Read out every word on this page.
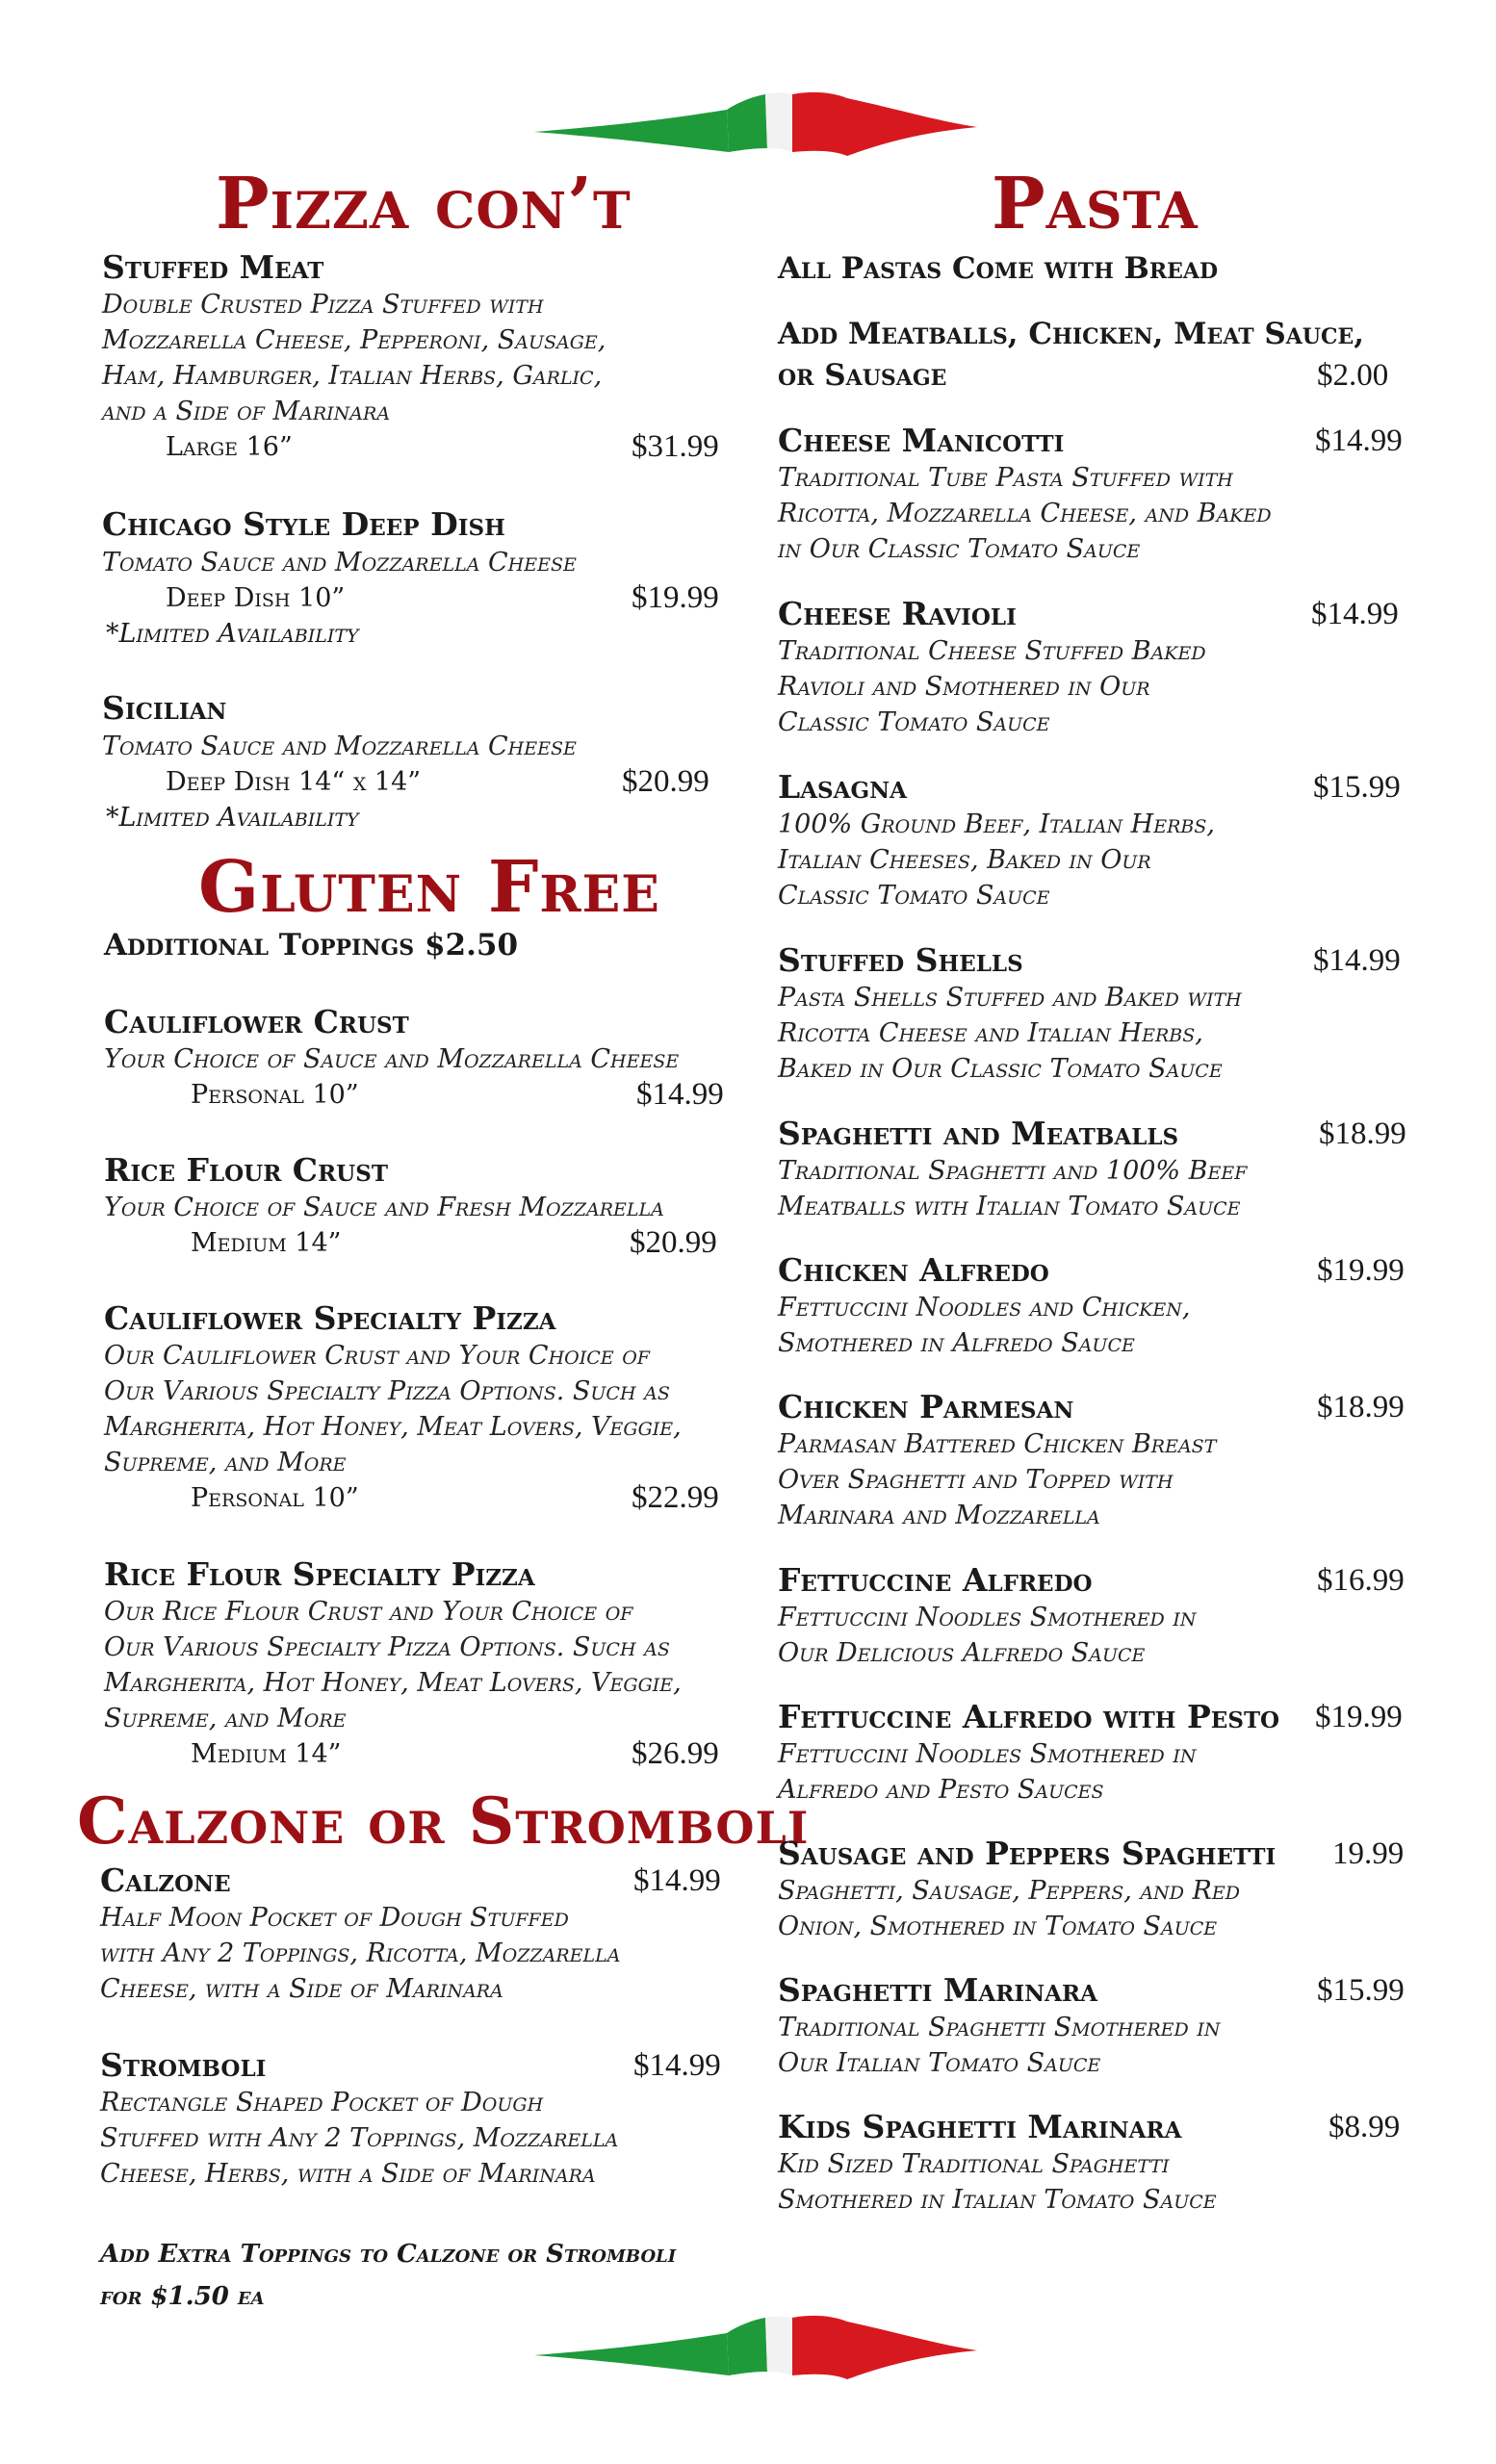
Pizza con’t
Stuffed Meat
Double Crusted Pizza Stuffed with
Mozzarella Cheese, Pepperoni, Sausage,
Ham, Hamburger, Italian Herbs, Garlic,
and a Side of Marinara
Large 16”	$31.99
Chicago Style Deep Dish
Tomato Sauce and Mozzarella Cheese
Deep Dish 10”	$19.99
*Limited Availability
Sicilian
Tomato Sauce and Mozzarella Cheese
Deep Dish 14“ x 14”	$20.99
*Limited Availability
Gluten Free
Additional Toppings $2.50
Cauliflower Crust
Your Choice of Sauce and Mozzarella Cheese
Personal 10”	$14.99
Rice Flour Crust
Your Choice of Sauce and Fresh Mozzarella
Medium 14”	$20.99
Cauliflower Specialty Pizza
Our Cauliflower Crust and Your Choice of
Our Various Specialty Pizza Options. Such as
Margherita, Hot Honey, Meat Lovers, Veggie,
Supreme, and More
Personal 10”	$22.99
Rice Flour Specialty Pizza
Our Rice Flour Crust and Your Choice of
Our Various Specialty Pizza Options. Such as
Margherita, Hot Honey, Meat Lovers, Veggie,
Supreme, and More
Medium 14”	$26.99
Calzone or Stromboli
Calzone	$14.99
Half Moon Pocket of Dough Stuffed
with Any 2 Toppings, Ricotta, Mozzarella
Cheese, with a Side of Marinara
Stromboli	$14.99
Rectangle Shaped Pocket of Dough
Stuffed with Any 2 Toppings, Mozzarella
Cheese, Herbs, with a Side of Marinara
Add Extra Toppings to Calzone or Stromboli
for $1.50 ea
Pasta
All Pastas Come with Bread
Add Meatballs, Chicken, Meat Sauce,
or Sausage	$2.00
Cheese Manicotti	$14.99
Traditional Tube Pasta Stuffed with
Ricotta, Mozzarella Cheese, and Baked
in Our Classic Tomato Sauce
Cheese Ravioli	$14.99
Traditional Cheese Stuffed Baked
Ravioli and Smothered in Our
Classic Tomato Sauce
Lasagna	$15.99
100% Ground Beef, Italian Herbs,
Italian Cheeses, Baked in Our
Classic Tomato Sauce
Stuffed Shells	$14.99
Pasta Shells Stuffed and Baked with
Ricotta Cheese and Italian Herbs,
Baked in Our Classic Tomato Sauce
Spaghetti and Meatballs	$18.99
Traditional Spaghetti and 100% Beef
Meatballs with Italian Tomato Sauce
Chicken Alfredo	$19.99
Fettuccini Noodles and Chicken,
Smothered in Alfredo Sauce
Chicken Parmesan	$18.99
Parmasan Battered Chicken Breast
Over Spaghetti and Topped with
Marinara and Mozzarella
Fettuccine Alfredo	$16.99
Fettuccini Noodles Smothered in
Our Delicious Alfredo Sauce
Fettuccine Alfredo with Pesto $19.99
Fettuccini Noodles Smothered in
Alfredo and Pesto Sauces
Sausage and Peppers Spaghetti 19.99
Spaghetti, Sausage, Peppers, and Red
Onion, Smothered in Tomato Sauce
Spaghetti Marinara	$15.99
Traditional Spaghetti Smothered in
Our Italian Tomato Sauce
Kids Spaghetti Marinara	$8.99
Kid Sized Traditional Spaghetti
Smothered in Italian Tomato Sauce
